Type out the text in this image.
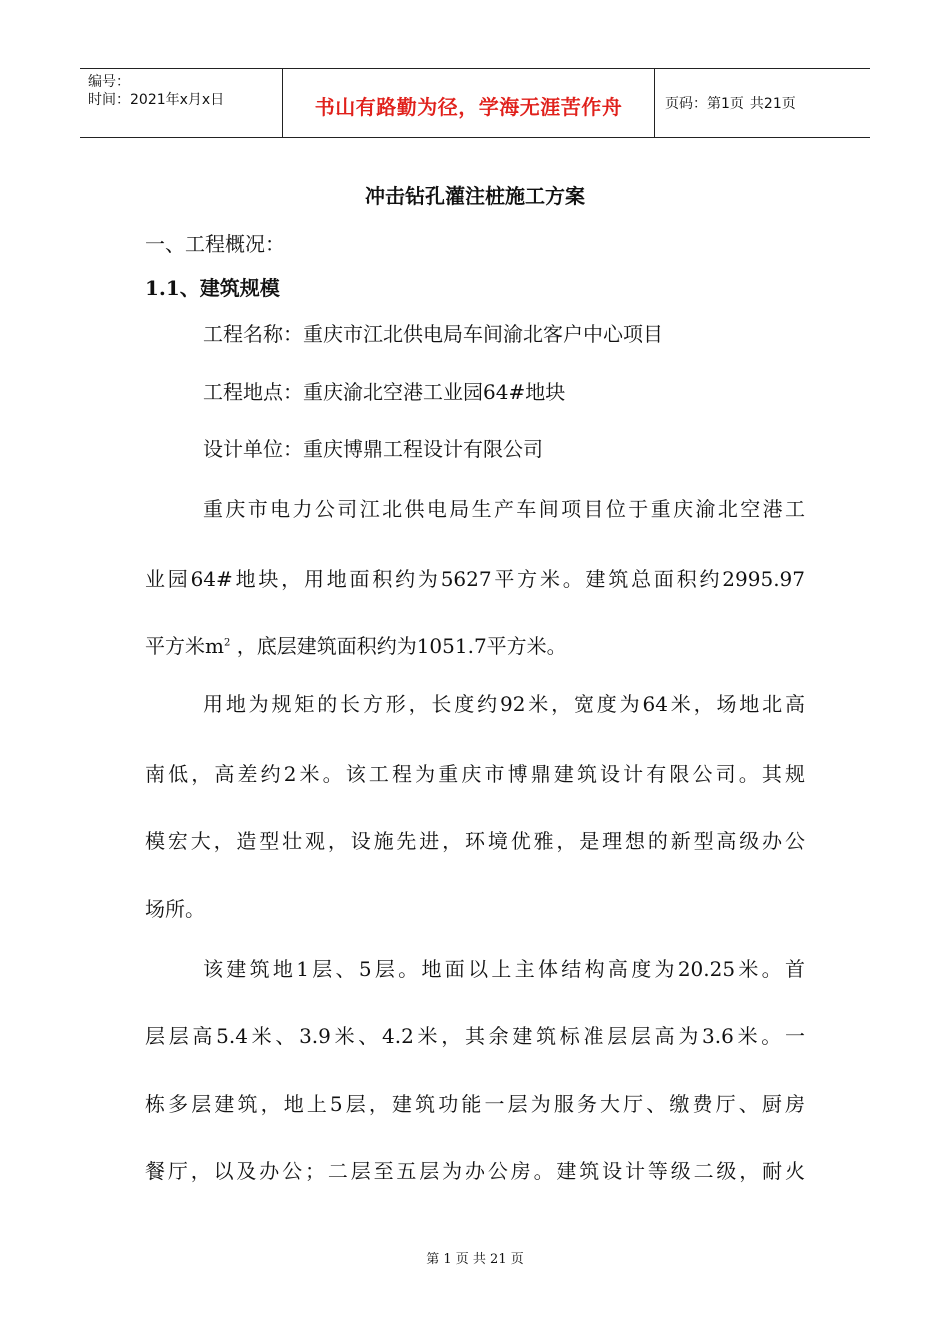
编号：
时间：2021年x月x日	书山有路勤为径，学海无涯苦作舟	页码：第1页 共21页
冲击钻孔灌注桩施工方案
一、工程概况：
1.1、建筑规模
工程名称：重庆市江北供电局车间渝北客户中心项目
工程地点：重庆渝北空港工业园64#地块
设计单位：重庆博鼎工程设计有限公司
重庆市电力公司江北供电局生产车间项目位于重庆渝北空港工
业园64#地块，用地面积约为5627平方米。建筑总面积约2995.97
平方米$m^2$ ，底层建筑面积约为1051.7平方米。
用地为规矩的长方形，长度约92米，宽度为64米，场地北高
南低，高差约2米。该工程为重庆市博鼎建筑设计有限公司。其规
模宏大，造型壮观，设施先进，环境优雅，是理想的新型高级办公
场所。
该建筑地1层、5层。地面以上主体结构高度为20.25米。首
层层高5.4米、3.9米、4.2米，其余建筑标准层层高为3.6米。一
栋多层建筑，地上5层，建筑功能一层为服务大厅、缴费厅、厨房
餐厅，以及办公；二层至五层为办公房。建筑设计等级二级，耐火
第 1 页 共 21 页
